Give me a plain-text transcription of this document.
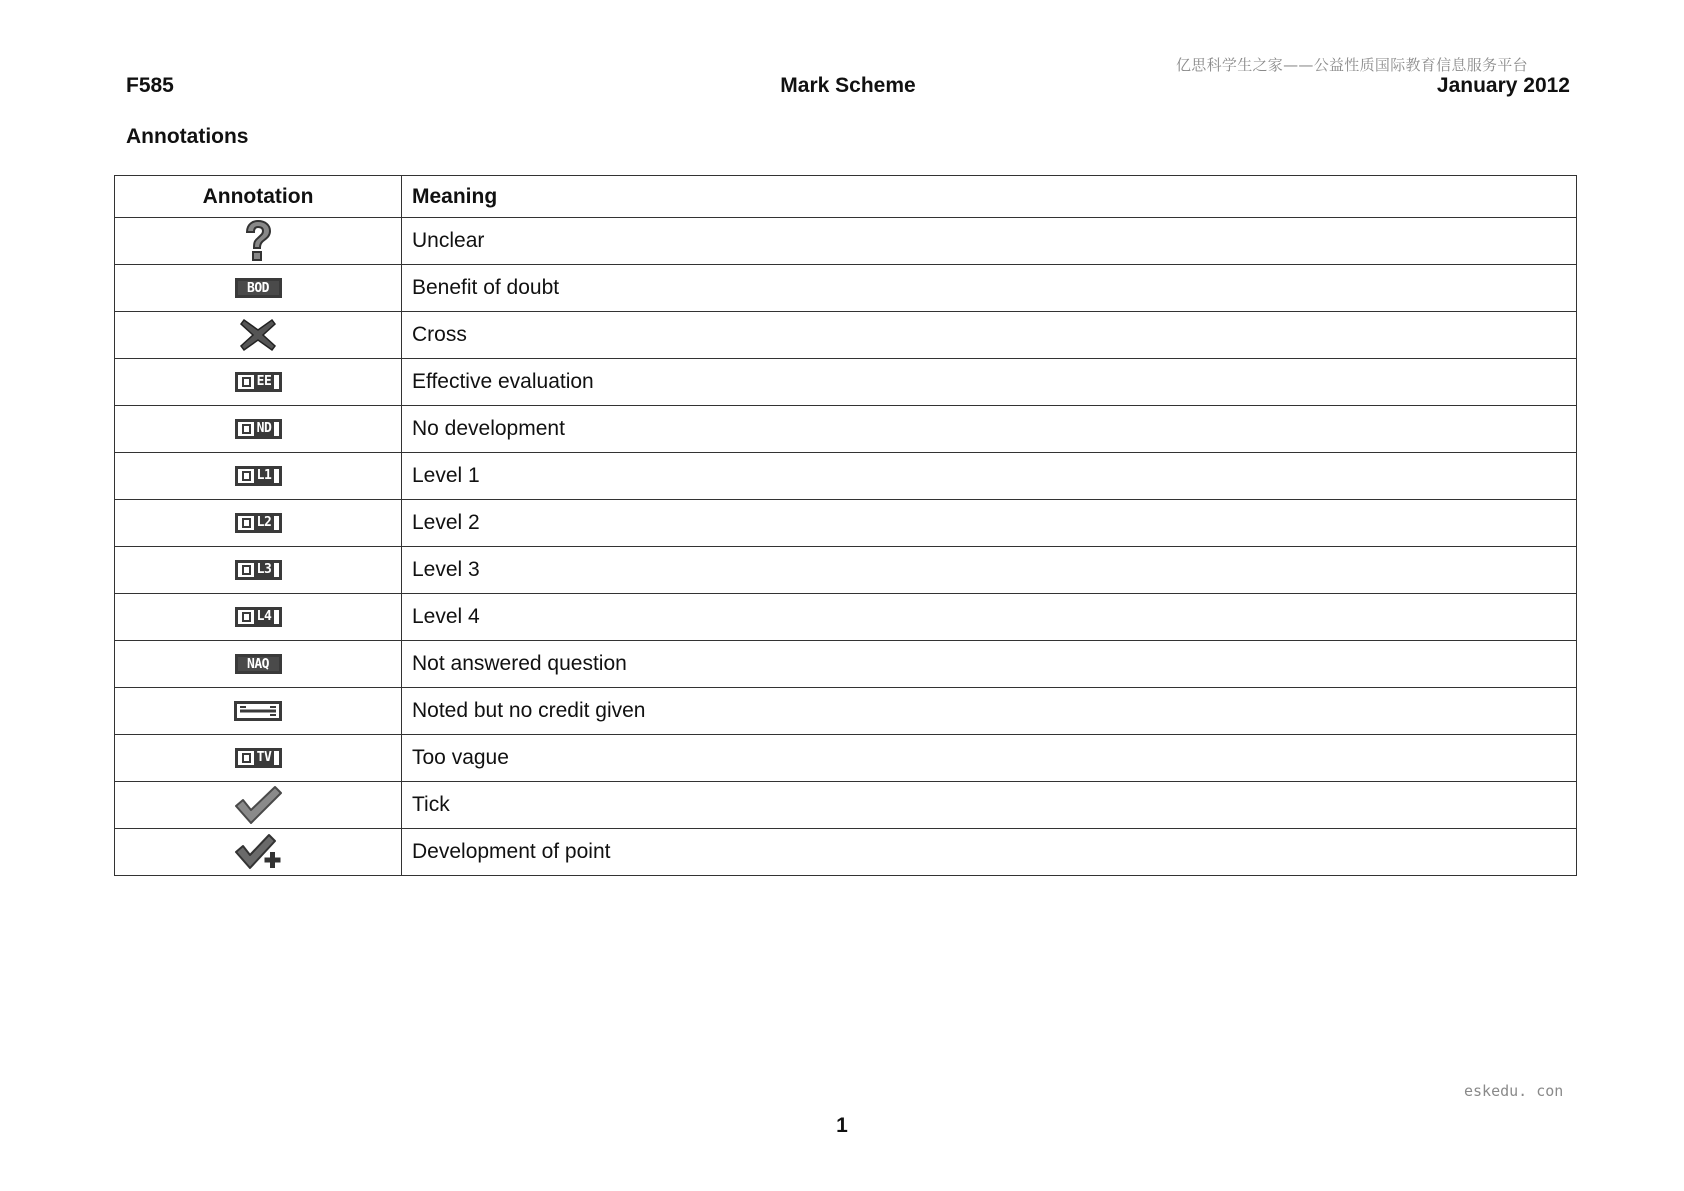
亿思科学生之家——公益性质国际教育信息服务平台
F585	Mark Scheme	January 2012
Annotations
Annotation	Meaning

	Unclear

BOD	Benefit of doubt

	Cross

EE	Effective evaluation

ND	No development

L1	Level 1

L2	Level 2

L3	Level 3

L4	Level 4

NAQ	Not answered question

	Noted but no credit given

TV	Too vague

	Tick

	Development of point
eskedu. con
1
